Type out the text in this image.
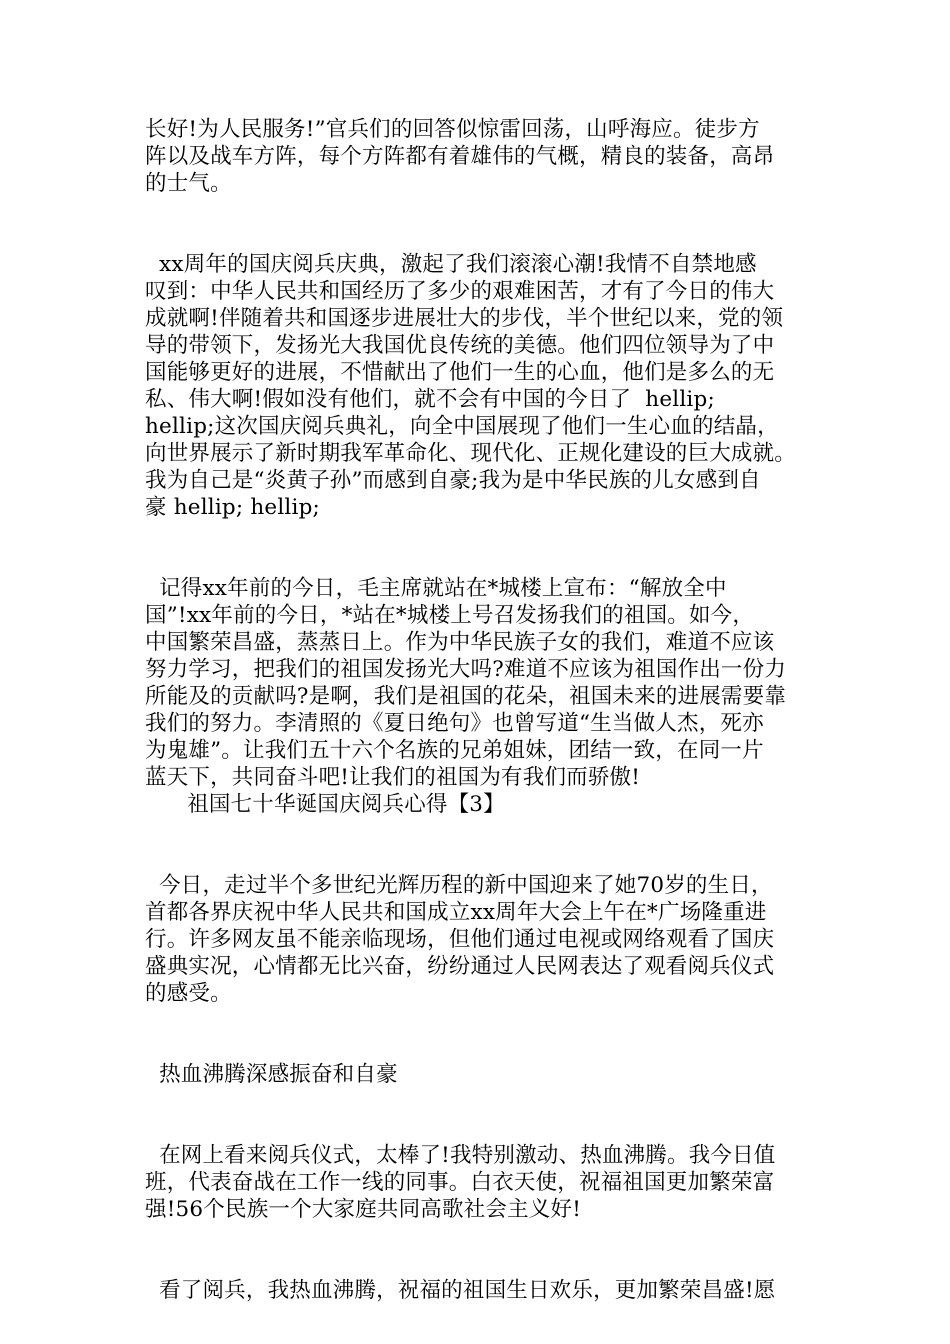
长好!为人民服务!”官兵们的回答似惊雷回荡，山呼海应。徒步方
阵以及战车方阵，每个方阵都有着雄伟的气概，精良的装备，高昂
的士气。
xx周年的国庆阅兵庆典，激起了我们滚滚心潮!我情不自禁地感
叹到：中华人民共和国经历了多少的艰难困苦，才有了今日的伟大
成就啊!伴随着共和国逐步进展壮大的步伐，半个世纪以来，党的领
导的带领下，发扬光大我国优良传统的美德。他们四位领导为了中
国能够更好的进展，不惜献出了他们一生的心血，他们是多么的无
私、伟大啊!假如没有他们，就不会有中国的今日了  hellip;
hellip;这次国庆阅兵典礼，向全中国展现了他们一生心血的结晶，
向世界展示了新时期我军革命化、现代化、正规化建设的巨大成就。
我为自己是“炎黄子孙”而感到自豪;我为是中华民族的儿女感到自
豪 hellip; hellip;
记得xx年前的今日，毛主席就站在*城楼上宣布：“解放全中
国”!xx年前的今日，*站在*城楼上号召发扬我们的祖国。如今，
中国繁荣昌盛，蒸蒸日上。作为中华民族子女的我们，难道不应该
努力学习，把我们的祖国发扬光大吗?难道不应该为祖国作出一份力
所能及的贡献吗?是啊，我们是祖国的花朵，祖国未来的进展需要靠
我们的努力。李清照的《夏日绝句》也曾写道“生当做人杰，死亦
为鬼雄”。让我们五十六个名族的兄弟姐妹，团结一致，在同一片
蓝天下，共同奋斗吧!让我们的祖国为有我们而骄傲!
祖国七十华诞国庆阅兵心得【3】
今日，走过半个多世纪光辉历程的新中国迎来了她70岁的生日，
首都各界庆祝中华人民共和国成立xx周年大会上午在*广场隆重进
行。许多网友虽不能亲临现场，但他们通过电视或网络观看了国庆
盛典实况，心情都无比兴奋，纷纷通过人民网表达了观看阅兵仪式
的感受。
热血沸腾深感振奋和自豪
在网上看来阅兵仪式，太棒了!我特别激动、热血沸腾。我今日值
班，代表奋战在工作一线的同事。白衣天使，祝福祖国更加繁荣富
强!56个民族一个大家庭共同高歌社会主义好!
看了阅兵，我热血沸腾，祝福的祖国生日欢乐，更加繁荣昌盛!愿
